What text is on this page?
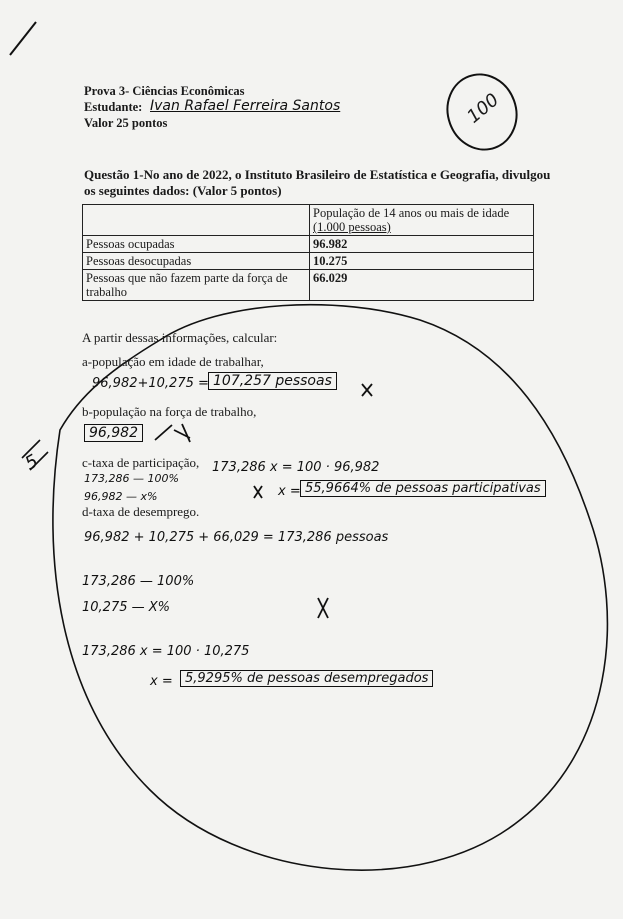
Prova 3- Ciências Econômicas
Estudante: Ivan Rafael Ferreira Santos
Valor 25 pontos	100
Questão 1-No ano de 2022, o Instituto Brasileiro de Estatística e Geografia, divulgou
os seguintes dados: (Valor 5 pontos)
	População de 14 anos ou mais de idade
(1.000 pessoas)
Pessoas ocupadas	96.982
Pessoas desocupadas	10.275
Pessoas que não fazem parte da força de trabalho	66.029
A partir dessas informações, calcular:
a-população em idade de trabalhar,
96,982+10,275 = 107,257 pessoas
b-população na força de trabalho,
96,982
c-taxa de participação,
173,286 — 100%
96,982 — x%
173,286 x = 100 · 96,982
x = 55,9664% de pessoas participativas
d-taxa de desemprego.
96,982 + 10,275 + 66,029 = 173,286 pessoas
173,286 — 100%
10,275 — X%
173,286 x = 100 · 10,275
x = 5,9295% de pessoas desempregados
5
